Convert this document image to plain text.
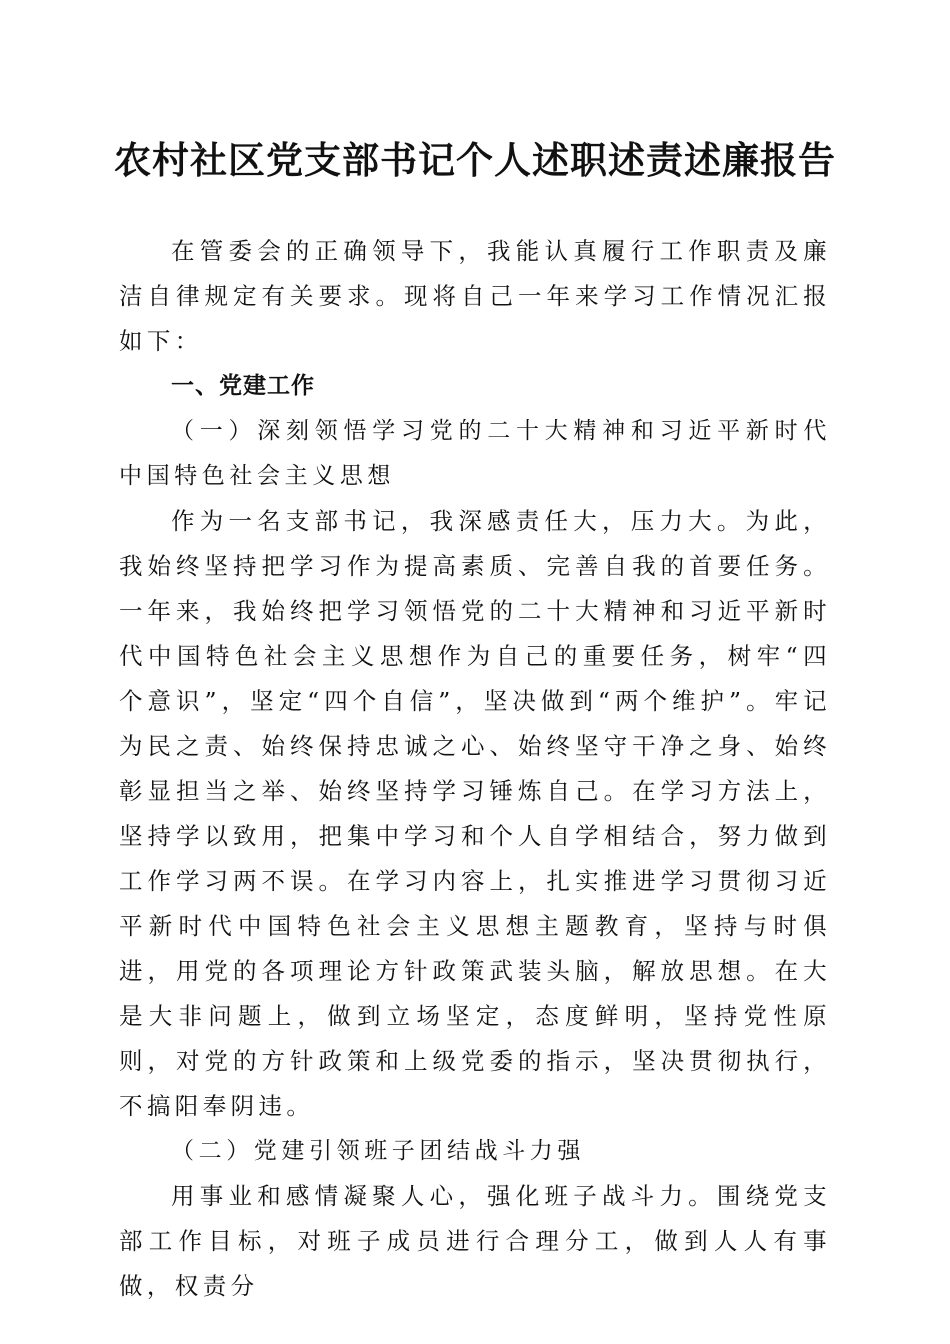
农村社区党支部书记个人述职述责述廉报告

在管委会的正确领导下，我能认真履行工作职责及廉洁自律规定有关要求。现将自己一年来学习工作情况汇报如下：

一、党建工作

（一）深刻领悟学习党的二十大精神和习近平新时代中国特色社会主义思想

作为一名支部书记，我深感责任大，压力大。为此，我始终坚持把学习作为提高素质、完善自我的首要任务。一年来，我始终把学习领悟党的二十大精神和习近平新时代中国特色社会主义思想作为自己的重要任务，树牢“四个意识”，坚定“四个自信”，坚决做到“两个维护”。牢记为民之责、始终保持忠诚之心、始终坚守干净之身、始终彰显担当之举、始终坚持学习锤炼自己。在学习方法上，坚持学以致用，把集中学习和个人自学相结合，努力做到工作学习两不误。在学习内容上，扎实推进学习贯彻习近平新时代中国特色社会主义思想主题教育，坚持与时俱进，用党的各项理论方针政策武装头脑，解放思想。在大是大非问题上，做到立场坚定，态度鲜明，坚持党性原则，对党的方针政策和上级党委的指示，坚决贯彻执行，不搞阳奉阴违。

（二）党建引领班子团结战斗力强

用事业和感情凝聚人心，强化班子战斗力。围绕党支部工作目标，对班子成员进行合理分工，做到人人有事做，权责分
